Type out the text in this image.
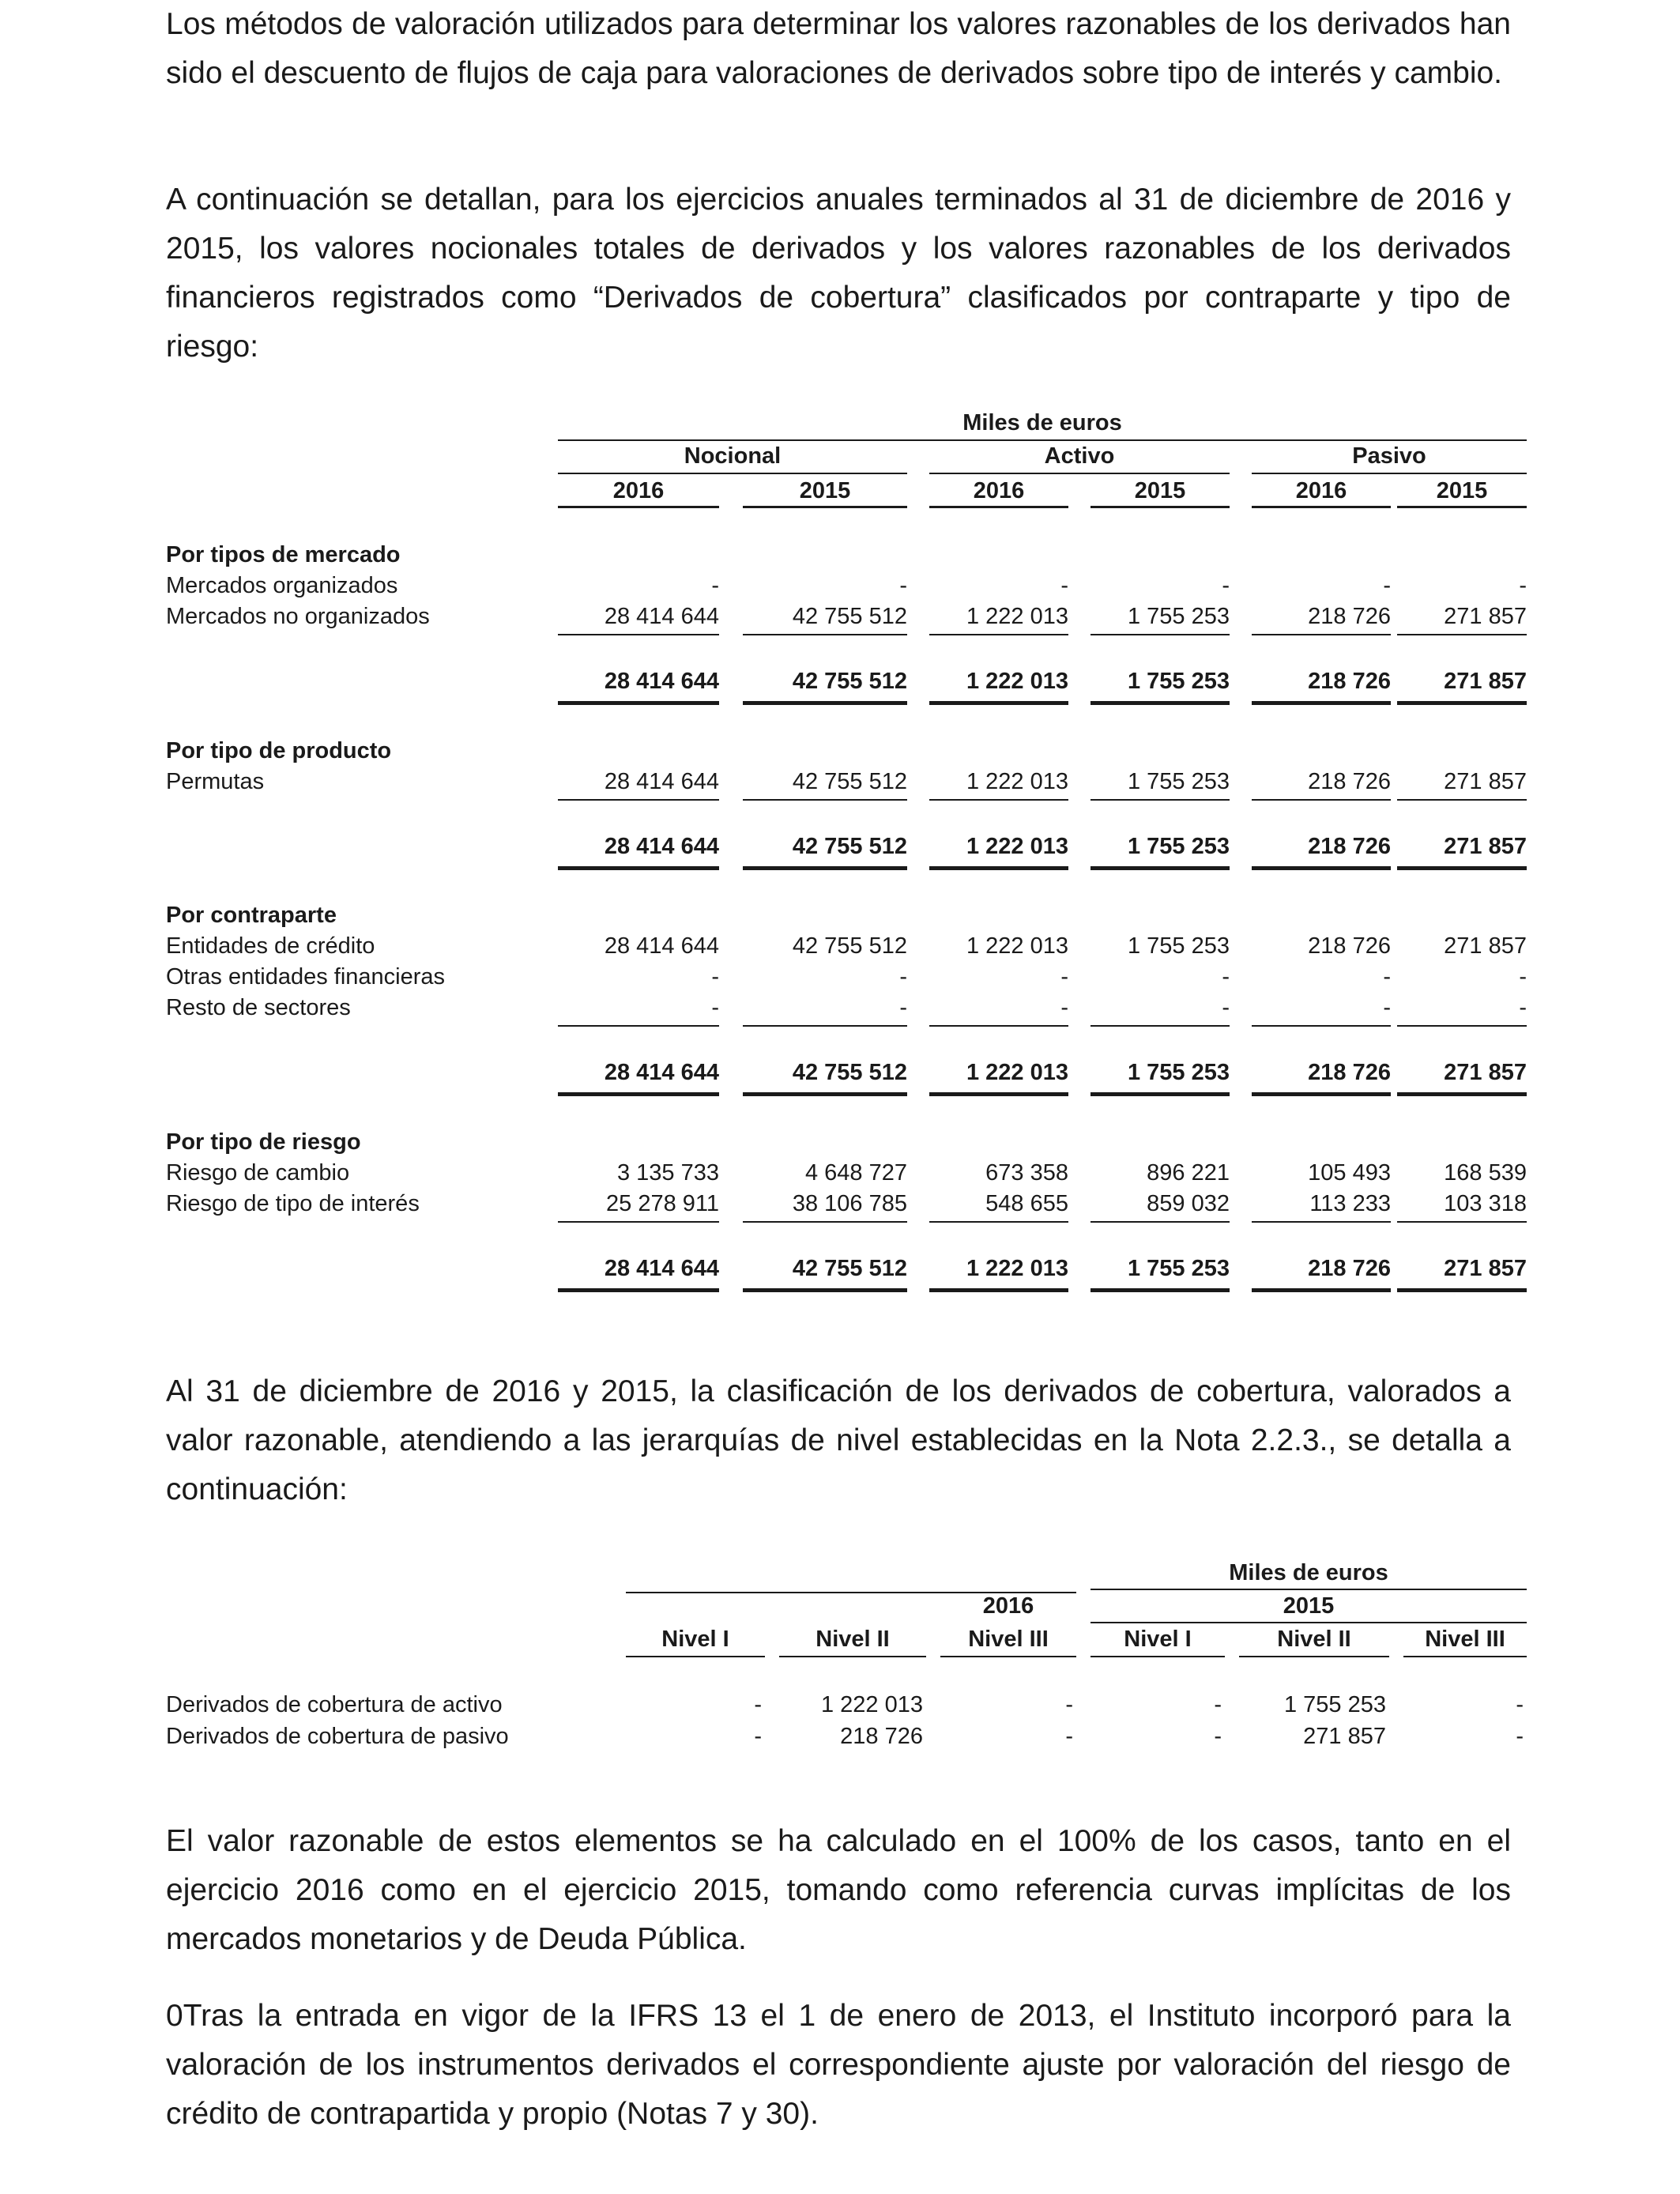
Los métodos de valoración utilizados para determinar los valores razonables de los derivados han sido el descuento de flujos de caja para valoraciones de derivados sobre tipo de interés y cambio.

A continuación se detallan, para los ejercicios anuales terminados al 31 de diciembre de 2016 y 2015, los valores nocionales totales de derivados y los valores razonables de los derivados financieros registrados como “Derivados de cobertura” clasificados por contraparte y tipo de riesgo:

Miles de euros
Nocional	Activo	Pasivo
2016	2015	2016	2015	2016	2015
Por tipos de mercado
Mercados organizados	-	-	-	-	-	-
Mercados no organizados	28 414 644	42 755 512	1 222 013	1 755 253	218 726	271 857
28 414 644	42 755 512	1 222 013	1 755 253	218 726	271 857
Por tipo de producto
Permutas	28 414 644	42 755 512	1 222 013	1 755 253	218 726	271 857
28 414 644	42 755 512	1 222 013	1 755 253	218 726	271 857
Por contraparte
Entidades de crédito	28 414 644	42 755 512	1 222 013	1 755 253	218 726	271 857
Otras entidades financieras	-	-	-	-	-	-
Resto de sectores	-	-	-	-	-	-
28 414 644	42 755 512	1 222 013	1 755 253	218 726	271 857
Por tipo de riesgo
Riesgo de cambio	3 135 733	4 648 727	673 358	896 221	105 493	168 539
Riesgo de tipo de interés	25 278 911	38 106 785	548 655	859 032	113 233	103 318
28 414 644	42 755 512	1 222 013	1 755 253	218 726	271 857

Al 31 de diciembre de 2016 y 2015, la clasificación de los derivados de cobertura, valorados a valor razonable, atendiendo a las jerarquías de nivel establecidas en la Nota 2.2.3., se detalla a continuación:

Miles de euros
2016	2015
Nivel I	Nivel II	Nivel III	Nivel I	Nivel II	Nivel III
Derivados de cobertura de activo	-	1 222 013	-	-	1 755 253	-
Derivados de cobertura de pasivo	-	218 726	-	-	271 857	-

El valor razonable de estos elementos se ha calculado en el 100% de los casos, tanto en el ejercicio 2016 como en el ejercicio 2015, tomando como referencia curvas implícitas de los mercados monetarios y de Deuda Pública.

0Tras la entrada en vigor de la IFRS 13 el 1 de enero de 2013, el Instituto incorporó para la valoración de los instrumentos derivados el correspondiente ajuste por valoración del riesgo de crédito de contrapartida y propio (Notas 7 y 30).
